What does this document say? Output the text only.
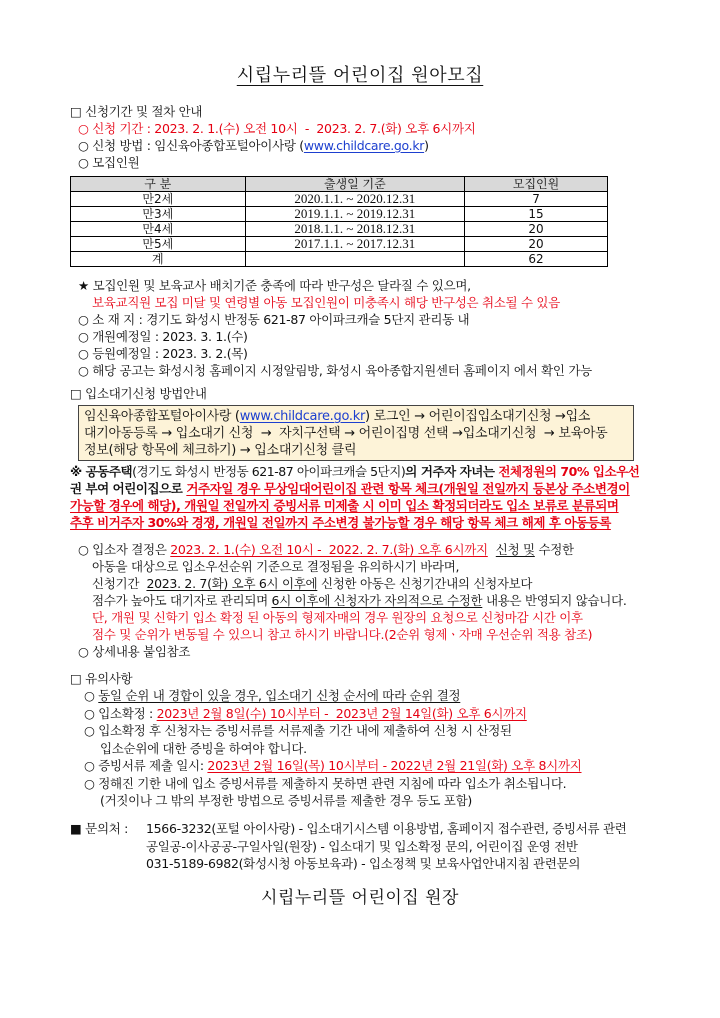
시립누리뜰 어린이집 원아모집
□ 신청기간 및 절차 안내
○ 신청 기간 : 2023. 2. 1.(수) 오전 10시  -  2023. 2. 7.(화) 오후 6시까지
○ 신청 방법 : 임신육아종합포털아이사랑 ( www.childcare.go.kr )
○ 모집인원
구 분	출생일 기준	모집인원
만2세	2020.1.1. ~ 2020.12.31	7
만3세	2019.1.1. ~ 2019.12.31	15
만4세	2018.1.1. ~ 2018.12.31	20
만5세	2017.1.1. ~ 2017.12.31	20
계		62
★ 모집인원 및 보육교사 배치기준 충족에 따라 반구성은 달라질 수 있으며,
보육교직원 모집 미달 및 연령별 아동 모집인원이 미충족시 해당 반구성은 취소될 수 있음
○ 소 재 지 : 경기도 화성시 반정동 621-87 아이파크캐슬 5단지 관리동 내
○ 개원예정일 : 2023. 3. 1.(수)
○ 등원예정일 : 2023. 3. 2.(목)
○ 해당 공고는 화성시청 홈페이지 시정알림방, 화성시 육아종합지원센터 홈페이지 에서 확인 가능
□ 입소대기신청 방법안내
임신육아종합포털아이사랑 ( www.childcare.go.kr ) 로그인 → 어린이집입소대기신청 →입소
대기아동등록 → 입소대기 신청  →  자치구선택 → 어린이집명 선택 →입소대기신청  → 보육아동
정보(해당 항목에 체크하기) → 입소대기신청 클릭
※ 공동주택 (경기도 화성시 반정동 621-87 아이파크캐슬 5단지) 의 거주자 자녀는 전체정원의 70% 입소우선
권 부여 어린이집으로 거주자일 경우 무상임대어린이집 관련 항목 체크(개원일 전일까지 등본상 주소변경이
가능할 경우에 해당), 개원일 전일까지 증빙서류 미제출 시 이미 입소 확정되더라도 입소 보류로 분류되며
추후 비거주자 30%와 경쟁, 개원일 전일까지 주소변경 불가능할 경우 해당 항목 체크 해제 후 아동등록
○ 입소자 결정은 2023. 2. 1.(수) 오전 10시 -  2022. 2. 7.(화) 오후 6시까지 신청 및 수정한
아동을 대상으로 입소우선순위 기준으로 결정됨을 유의하시기 바라며,
신청기간 2023. 2. 7(화) 오후 6시 이후에 신청한 아동은 신청기간내의 신청자보다
점수가 높아도 대기자로 관리되며 6시 이후에 신청자가 자의적으로 수정한 내용은 반영되지 않습니다.
단, 개원 및 신학기 입소 확정 된 아동의 형제자매의 경우 원장의 요청으로 신청마감 시간 이후
점수 및 순위가 변동될 수 있으니 참고 하시기 바랍니다.(2순위 형제ㆍ자매 우선순위 적용 참조)
○ 상세내용 붙임참조
□ 유의사항
○ 동일 순위 내 경합이 있을 경우, 입소대기 신청 순서에 따라 순위 결정
○ 입소확정 : 2023년 2월 8일(수) 10시부터 -  2023년 2월 14일(화) 오후 6시까지
○ 입소확정 후 신청자는 증빙서류를 서류제출 기간 내에 제출하여 신청 시 산정된
입소순위에 대한 증빙을 하여야 합니다.
○ 증빙서류 제출 일시: 2023년 2월 16일(목) 10시부터 - 2022년 2월 21일(화) 오후 8시까지
○ 정해진 기한 내에 입소 증빙서류를 제출하지 못하면 관련 지침에 따라 입소가 취소됩니다.
(거짓이나 그 밖의 부정한 방법으로 증빙서류를 제출한 경우 등도 포함)
■ 문의처 : 1566-3232(포털 아이사랑) - 입소대기시스템 이용방법, 홈페이지 접수관련, 증빙서류 관련
공일공-이사공공-구일사일(원장) - 입소대기 및 입소확정 문의, 어린이집 운영 전반
031-5189-6982(화성시청 아동보육과) - 입소정책 및 보육사업안내지침 관련문의
시립누리뜰 어린이집 원장
